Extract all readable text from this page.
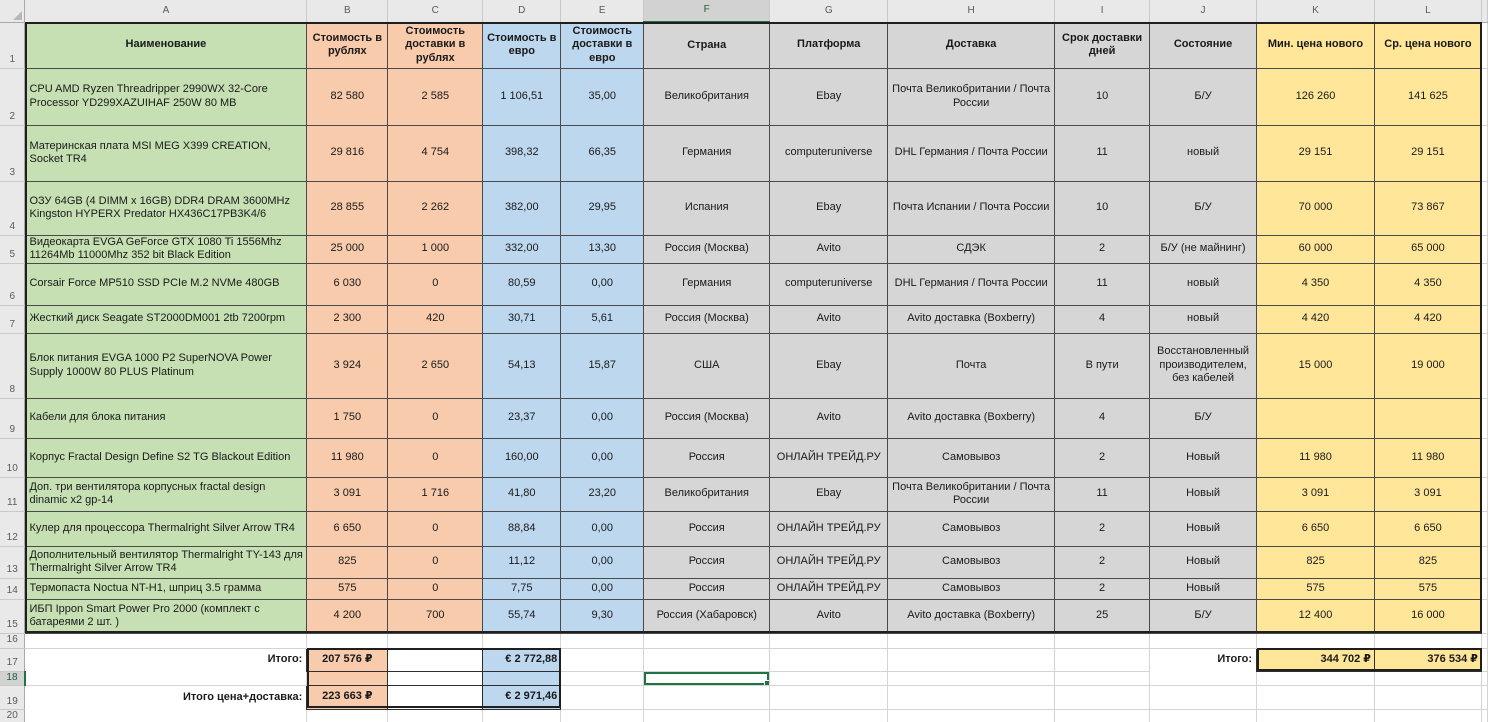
	A	B	C	D	E	F	G	H	I	J	K	L	
1	Наименование	Стоимость в рублях	Стоимость доставки в рублях	Стоимость в евро	Стоимость доставки в евро	Страна	Платформа	Доставка	Срок доставки дней	Состояние	Мин. цена нового	Ср. цена нового	
2	CPU AMD Ryzen Threadripper 2990WX 32-Core Processor YD299XAZUIHAF 250W 80 MB	82 580	2 585	1 106,51	35,00	Великобритания	Ebay	Почта Великобритании / Почта России	10	Б/У	126 260	141 625	
3	Материнская плата MSI MEG X399 CREATION, Socket TR4	29 816	4 754	398,32	66,35	Германия	computeruniverse	DHL Германия / Почта России	11	новый	29 151	29 151	
4	ОЗУ 64GB (4 DIMM x 16GB) DDR4 DRAM 3600MHz Kingston HYPERX Predator HX436C17PB3K4/6	28 855	2 262	382,00	29,95	Испания	Ebay	Почта Испании / Почта России	10	Б/У	70 000	73 867	
5	Видеокарта EVGA GeForce GTX 1080 Ti 1556Mhz 11264Mb 11000Mhz 352 bit Black Edition	25 000	1 000	332,00	13,30	Россия (Москва)	Avito	СДЭК	2	Б/У (не майнинг)	60 000	65 000	
6	Corsair Force MP510 SSD PCIe M.2 NVMe 480GB	6 030	0	80,59	0,00	Германия	computeruniverse	DHL Германия / Почта России	11	новый	4 350	4 350	
7	Жесткий диск Seagate ST2000DM001 2tb 7200rpm	2 300	420	30,71	5,61	Россия (Москва)	Avito	Avito доставка (Boxberry)	4	новый	4 420	4 420	
8	Блок питания EVGA 1000 P2 SuperNOVA Power Supply 1000W 80 PLUS Platinum	3 924	2 650	54,13	15,87	США	Ebay	Почта	В пути	Восстановленный производителем, без кабелей	15 000	19 000	
9	Кабели для блока питания	1 750	0	23,37	0,00	Россия (Москва)	Avito	Avito доставка (Boxberry)	4	Б/У			
10	Корпус Fractal Design Define S2 TG Blackout Edition	11 980	0	160,00	0,00	Россия	ОНЛАЙН ТРЕЙД.РУ	Самовывоз	2	Новый	11 980	11 980	
11	Доп. три вентилятора корпусных fractal design dinamic x2 gp-14	3 091	1 716	41,80	23,20	Великобритания	Ebay	Почта Великобритании / Почта России	11	Новый	3 091	3 091	
12	Кулер для процессора Thermalright Silver Arrow TR4	6 650	0	88,84	0,00	Россия	ОНЛАЙН ТРЕЙД.РУ	Самовывоз	2	Новый	6 650	6 650	
13	Дополнительный вентилятор Thermalright TY-143 для Thermalright Silver Arrow TR4	825	0	11,12	0,00	Россия	ОНЛАЙН ТРЕЙД.РУ	Самовывоз	2	Новый	825	825	
14	Термопаста Noctua NT-H1, шприц 3.5 грамма	575	0	7,75	0,00	Россия	ОНЛАЙН ТРЕЙД.РУ	Самовывоз	2	Новый	575	575	
15	ИБП Ippon Smart Power Pro 2000 (комплект с батареями 2 шт. )	4 200	700	55,74	9,30	Россия (Хабаровск)	Avito	Avito доставка (Boxberry)	25	Б/У	12 400	16 000	
16													
17	Итого:	207 576 ₽		€ 2 772,88						Итого:	344 702 ₽	376 534 ₽	
18						

19	Итого цена+доставка:	223 663 ₽		€ 2 971,46									
20													
